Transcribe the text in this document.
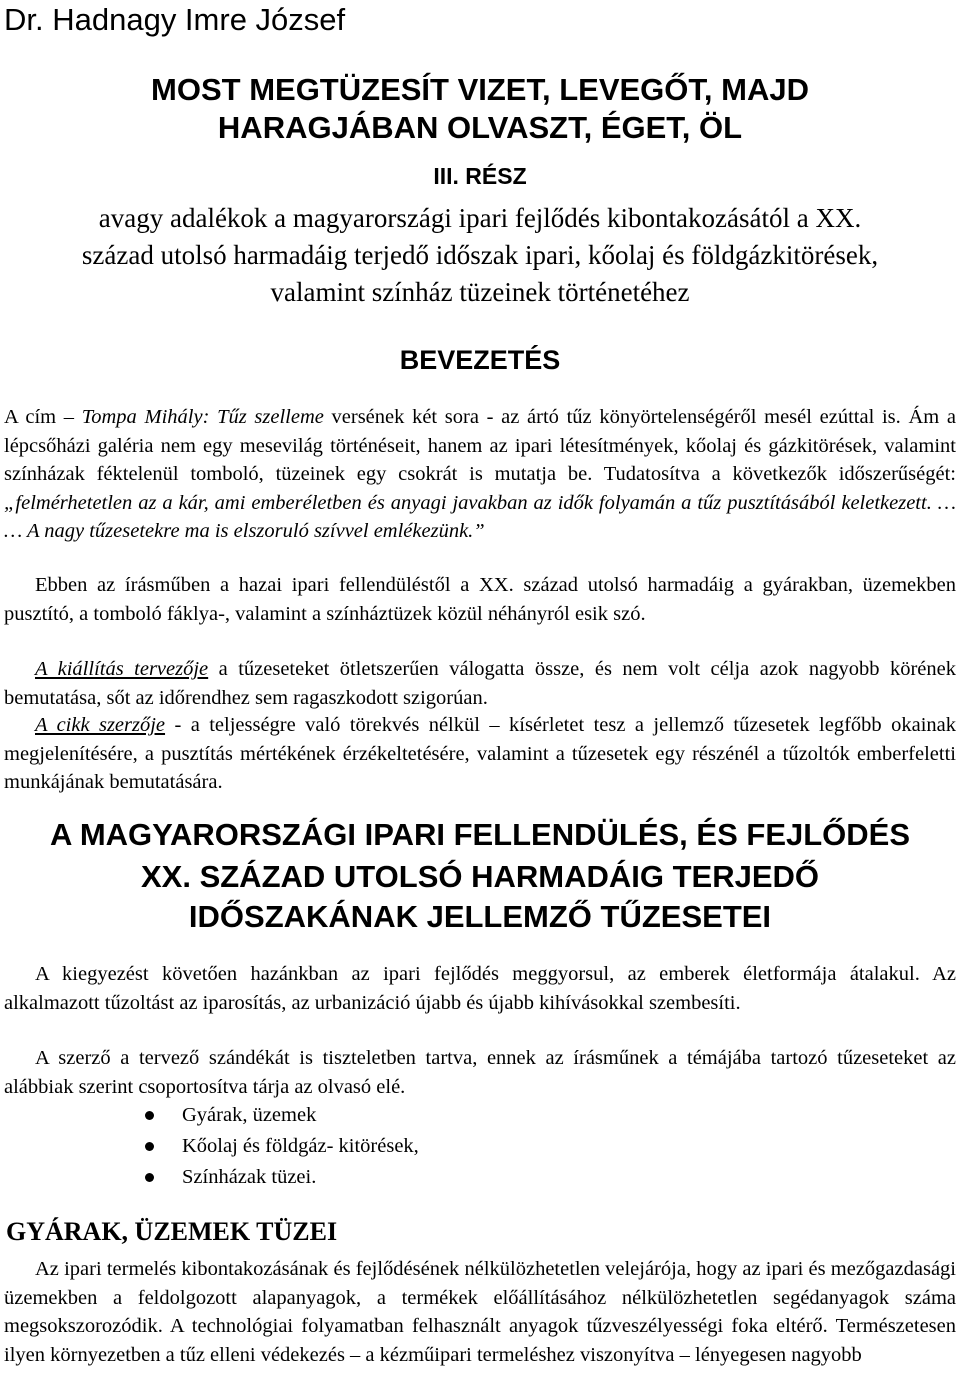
Dr. Hadnagy Imre József
MOST MEGTÜZESÍT VIZET, LEVEGŐT, MAJD
HARAGJÁBAN OLVASZT, ÉGET, ÖL
III. RÉSZ
avagy adalékok a magyarországi ipari fejlődés kibontakozásától a XX.
század utolsó harmadáig terjedő időszak ipari, kőolaj és földgázkitörések,
valamint színház tüzeinek történetéhez
BEVEZETÉS

A cím – Tompa Mihály: Tűz szelleme versének két sora - az ártó tűz könyörtelenségéről mesél ezúttal is. Ám a lépcsőházi galéria nem egy mesevilág történéseit, hanem az ipari létesítmények, kőolaj és gázkitörések, valamint színházak féktelenül tomboló, tüzeinek egy csokrát is mutatja be. Tudatosítva a következők időszerűségét: „felmérhetetlen az a kár, ami emberéletben és anyagi javakban az idők folyamán a tűz pusztításából keletkezett. … … A nagy tűzesetekre ma is elszoruló szívvel emlékezünk.”

Ebben az írásműben a hazai ipari fellendüléstől a XX. század utolsó harmadáig a gyárakban, üzemekben pusztító, a tomboló fáklya-, valamint a színháztüzek közül néhányról esik szó.

A kiállítás tervezője a tűzeseteket ötletszerűen válogatta össze, és nem volt célja azok nagyobb körének bemutatása, sőt az időrendhez sem ragaszkodott szigorúan.

A cikk szerzője - a teljességre való törekvés nélkül – kísérletet tesz a jellemző tűzesetek legfőbb okainak megjelenítésére, a pusztítás mértékének érzékeltetésére, valamint a tűzesetek egy részénél a tűzoltók emberfeletti munkájának bemutatására.

A MAGYARORSZÁGI IPARI FELLENDÜLÉS, ÉS FEJLŐDÉS
XX. SZÁZAD UTOLSÓ HARMADÁIG TERJEDŐ
IDŐSZAKÁNAK JELLEMZŐ TŰZESETEI

A kiegyezést követően hazánkban az ipari fejlődés meggyorsul, az emberek életformája átalakul. Az alkalmazott tűzoltást az iparosítás, az urbanizáció újabb és újabb kihívásokkal szembesíti.

A szerző a tervező szándékát is tiszteletben tartva, ennek az írásműnek a témájába tartozó tűzeseteket az alábbiak szerint csoportosítva tárja az olvasó elé.

Gyárak, üzemek
Kőolaj és földgáz- kitörések,
Színházak tüzei.
GYÁRAK, ÜZEMEK TÜZEI

Az ipari termelés kibontakozásának és fejlődésének nélkülözhetetlen velejárója, hogy az ipari és mezőgazdasági üzemekben a feldolgozott alapanyagok, a termékek előállításához nélkülözhetetlen segédanyagok száma megsokszorozódik. A technológiai folyamatban felhasznált anyagok tűzveszélyességi foka eltérő. Természetesen ilyen környezetben a tűz elleni védekezés – a kézműipari termeléshez viszonyítva – lényegesen nagyobb
